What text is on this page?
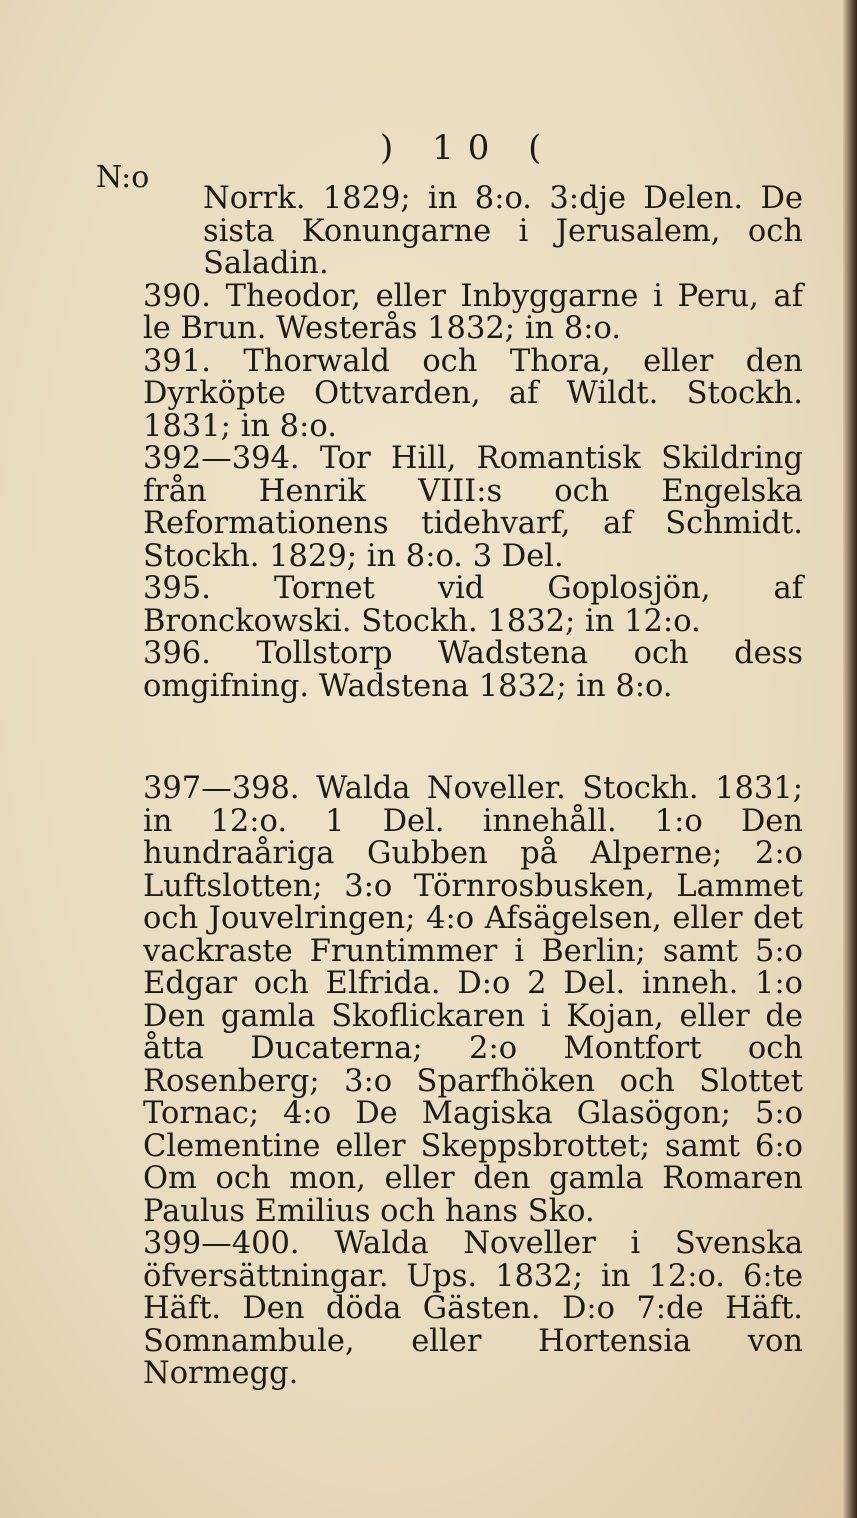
) 10 (
N:o

Norrk. 1829; in 8:o. 3:dje Delen. De sista Konungarne i Jerusalem, och Saladin.

390. Theodor, eller Inbyggarne i Peru, af le Brun. Westerås 1832; in 8:o.

391. Thorwald och Thora, eller den Dyrköpte Ottvarden, af Wildt. Stockh. 1831; in 8:o.

392—394. Tor Hill, Romantisk Skildring från Henrik VIII:s och Engelska Reformationens tidehvarf, af Schmidt. Stockh. 1829; in 8:o. 3 Del.

395. Tornet vid Goplosjön, af Bronckowski. Stockh. 1832; in 12:o.

396. Tollstorp Wadstena och dess omgifning. Wadstena 1832; in 8:o.

397—398. Walda Noveller. Stockh. 1831; in 12:o. 1 Del. innehåll. 1:o Den hundraåriga Gubben på Alperne; 2:o Luftslotten; 3:o Törnrosbusken, Lammet och Jouvelringen; 4:o Afsägelsen, eller det vackraste Fruntimmer i Berlin; samt 5:o Edgar och Elfrida. D:o 2 Del. inneh. 1:o Den gamla Skoflickaren i Kojan, eller de åtta Ducaterna; 2:o Montfort och Rosenberg; 3:o Sparfhöken och Slottet Tornac; 4:o De Magiska Glasögon; 5:o Clementine eller Skeppsbrottet; samt 6:o Om och mon, eller den gamla Romaren Paulus Emilius och hans Sko.

399—400. Walda Noveller i Svenska öfversättningar. Ups. 1832; in 12:o. 6:te Häft. Den döda Gästen. D:o 7:de Häft. Somnambule, eller Hortensia von Normegg.
